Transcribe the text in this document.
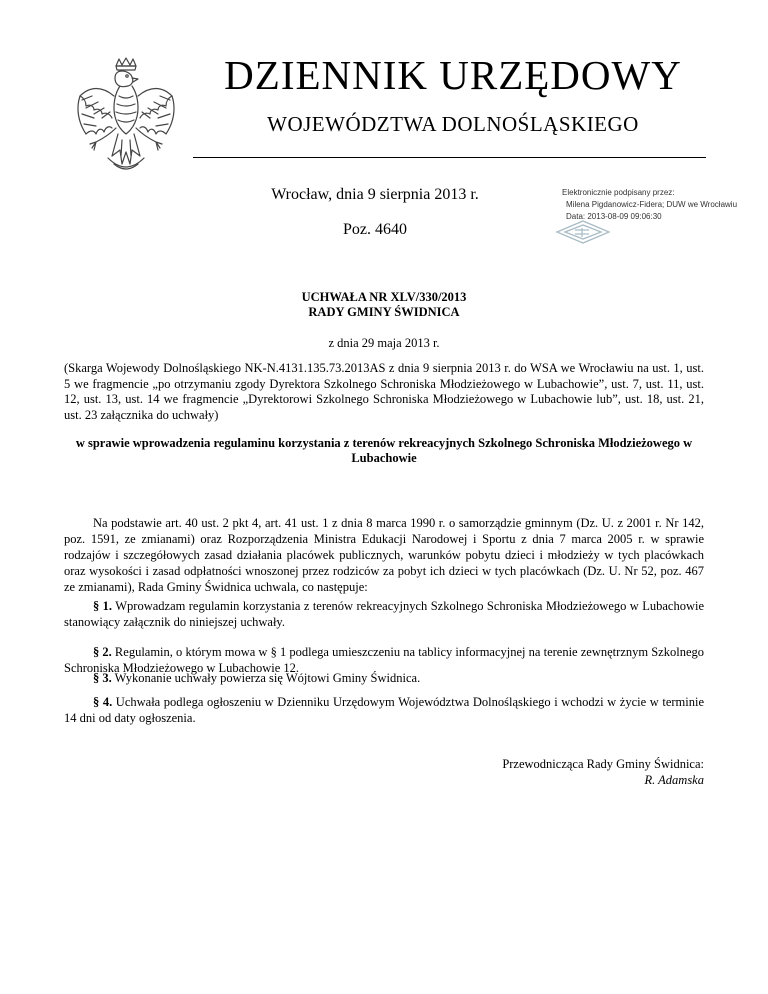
DZIENNIK URZĘDOWY
WOJEWÓDZTWA DOLNOŚLĄSKIEGO
Wrocław, dnia 9 sierpnia 2013 r.
Poz. 4640
Elektronicznie podpisany przez:
Milena Pigdanowicz-Fidera; DUW we Wrocławiu
Data: 2013-08-09 09:06:30
UCHWAŁA NR XLV/330/2013
RADY GMINY ŚWIDNICA
z dnia 29 maja 2013 r.
(Skarga Wojewody Dolnośląskiego NK-N.4131.135.73.2013AS z dnia 9 sierpnia 2013 r. do WSA we Wrocławiu na ust. 1, ust. 5 we fragmencie „po otrzymaniu zgody Dyrektora Szkolnego Schroniska Młodzieżowego w Lubachowie”, ust. 7, ust. 11, ust. 12, ust. 13, ust. 14 we fragmencie „Dyrektorowi Szkolnego Schroniska Młodzieżowego w Lubachowie lub”, ust. 18, ust. 21, ust. 23 załącznika do uchwały)
w sprawie wprowadzenia regulaminu korzystania z terenów rekreacyjnych Szkolnego Schroniska Młodzieżowego w Lubachowie

Na podstawie art. 40 ust. 2 pkt 4, art. 41 ust. 1 z dnia 8 marca 1990 r. o samorządzie gminnym (Dz. U. z 2001 r. Nr 142, poz. 1591, ze zmianami) oraz Rozporządzenia Ministra Edukacji Narodowej i Sportu z dnia 7 marca 2005 r. w sprawie rodzajów i szczegółowych zasad działania placówek publicznych, warunków pobytu dzieci i młodzieży w tych placówkach oraz wysokości i zasad odpłatności wnoszonej przez rodziców za pobyt ich dzieci w tych placówkach (Dz. U. Nr 52, poz. 467 ze zmianami), Rada Gminy Świdnica uchwala, co następuje:

§ 1. Wprowadzam regulamin korzystania z terenów rekreacyjnych Szkolnego Schroniska Młodzieżowego w Lubachowie stanowiący załącznik do niniejszej uchwały.

§ 2. Regulamin, o którym mowa w § 1 podlega umieszczeniu na tablicy informacyjnej na terenie zewnętrznym Szkolnego Schroniska Młodzieżowego w Lubachowie 12.

§ 3. Wykonanie uchwały powierza się Wójtowi Gminy Świdnica.

§ 4. Uchwała podlega ogłoszeniu w Dzienniku Urzędowym Województwa Dolnośląskiego i wchodzi w życie w terminie 14 dni od daty ogłoszenia.

Przewodnicząca Rady Gminy Świdnica:
R. Adamska
